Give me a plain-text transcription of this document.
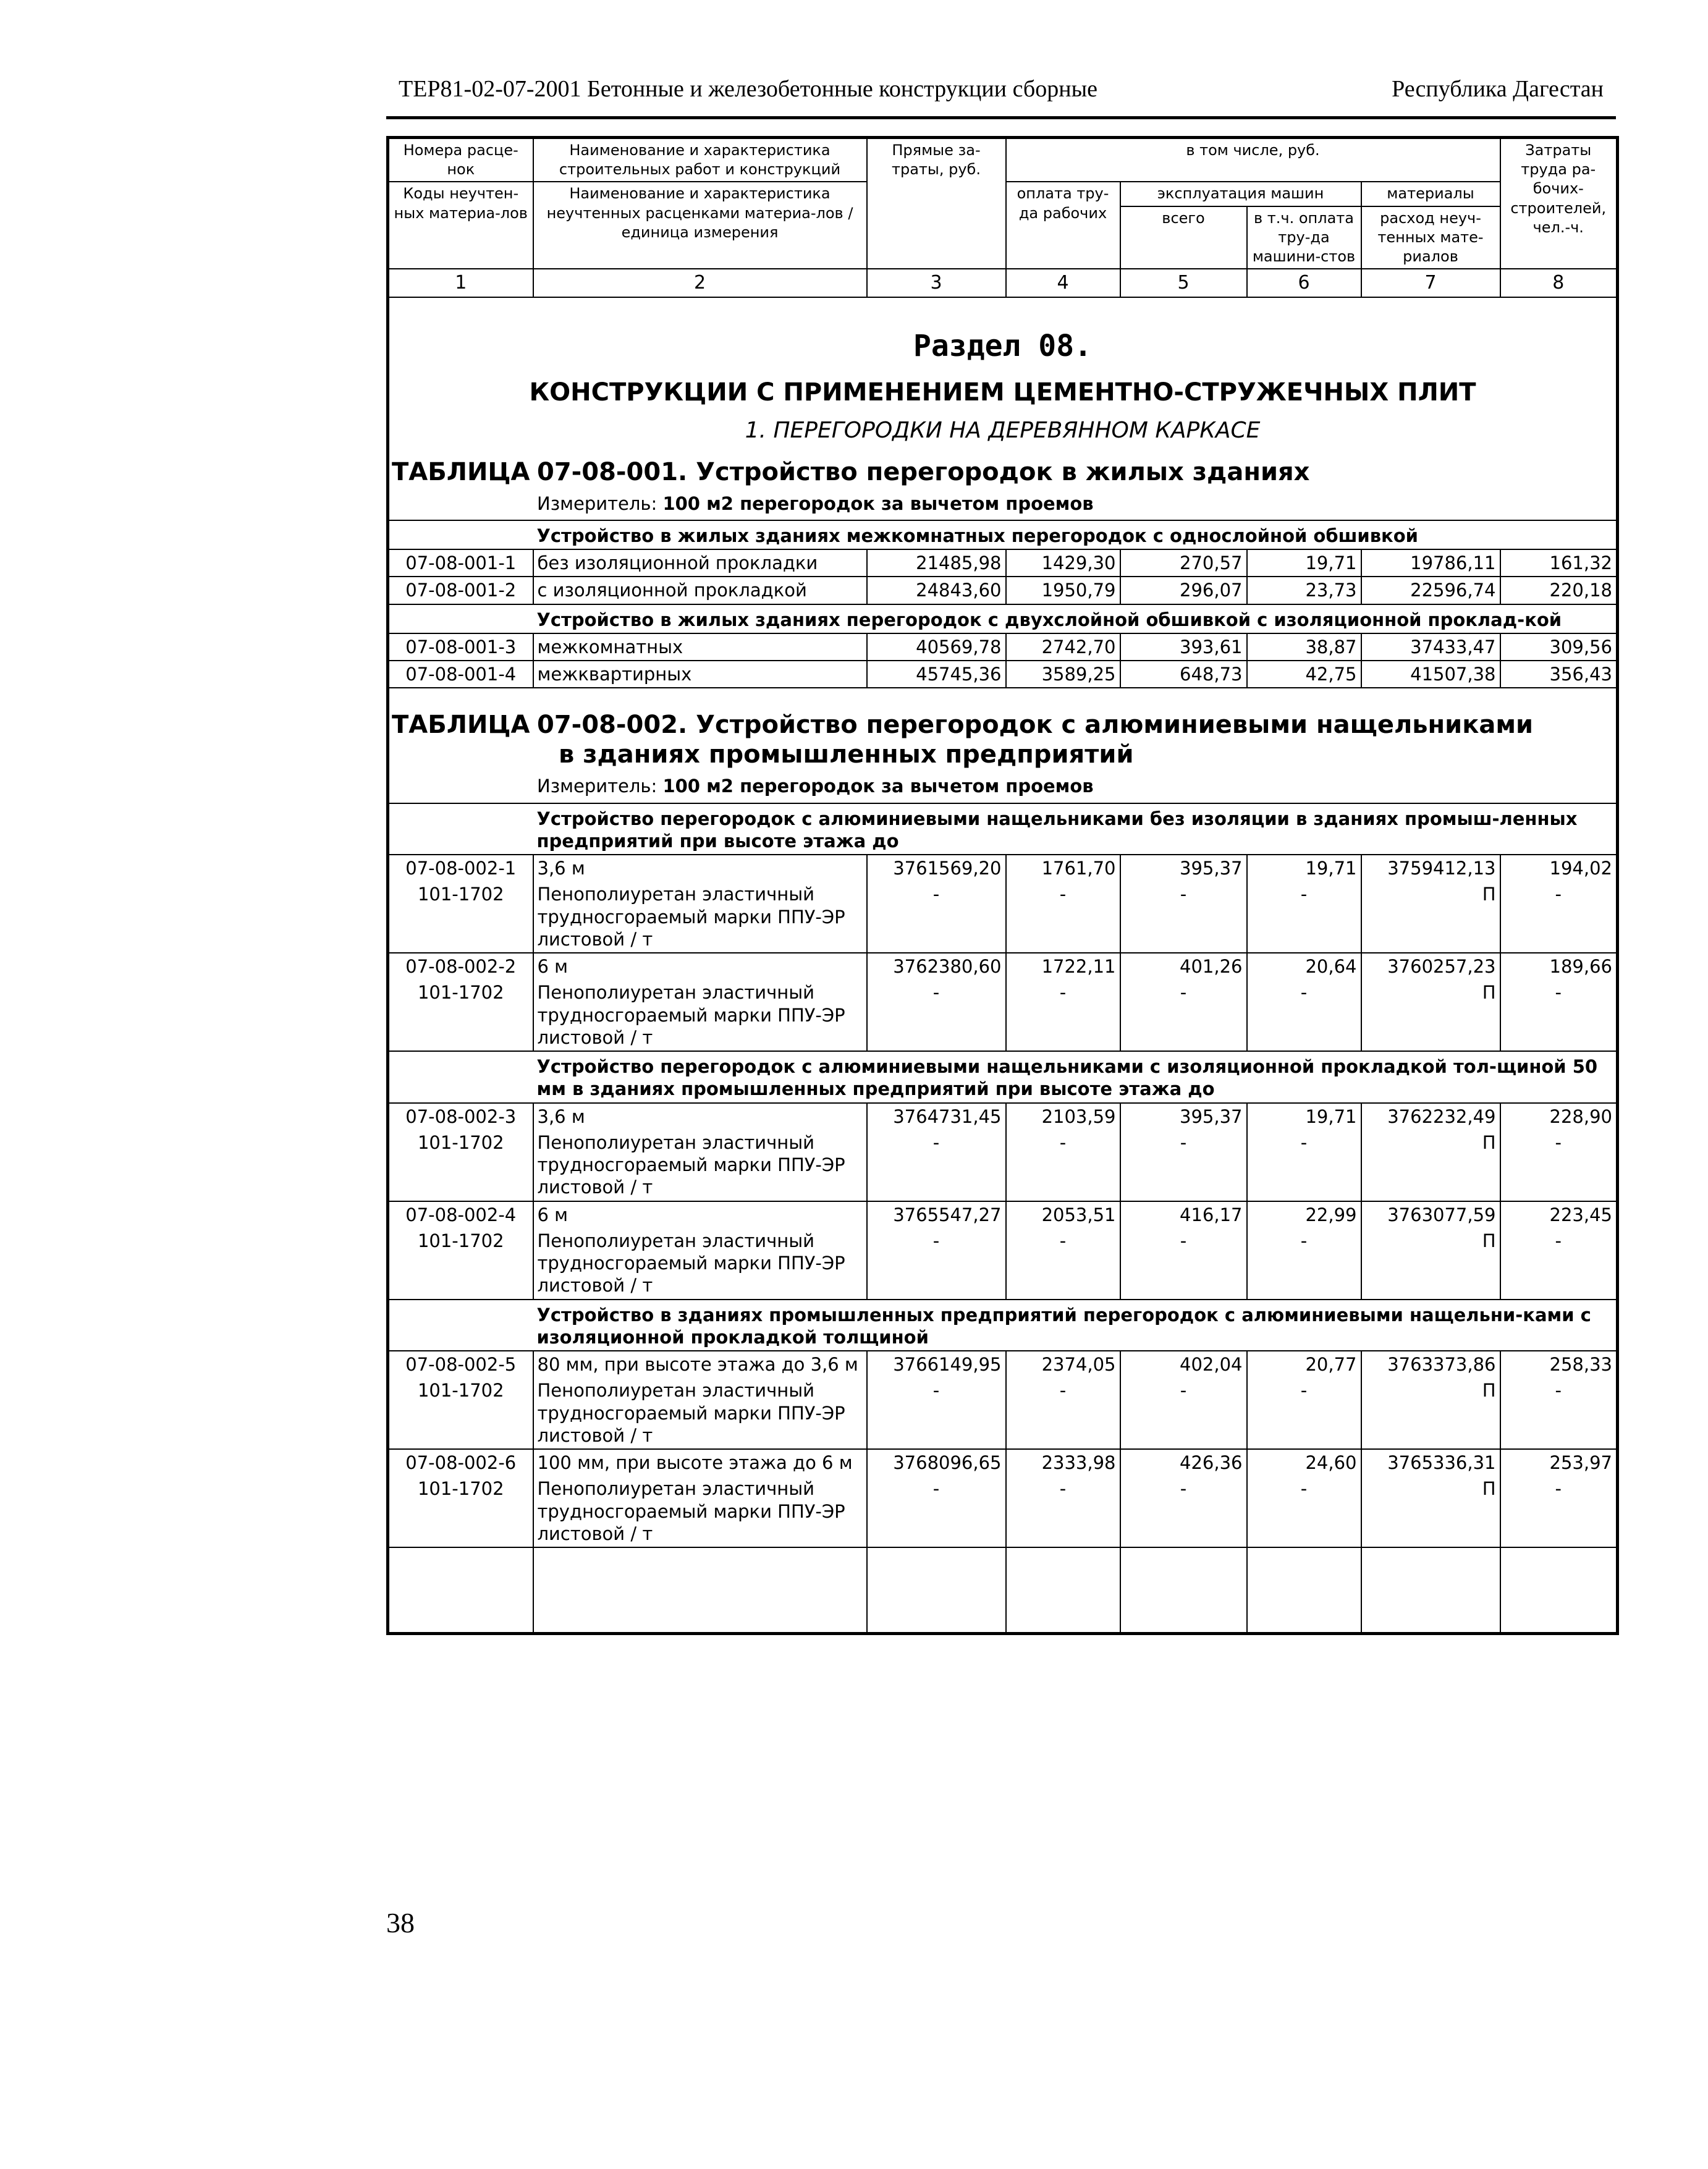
ТЕР81-02-07-2001 Бетонные и железобетонные конструкции сборные	Республика Дагестан
Номера расце-нок	Наименование и характеристика строительных работ и конструкций	Прямые за-траты, руб.	в том числе, руб.				Затраты труда ра-бочих-строителей, чел.-ч.
Коды неучтен-ных материа-лов	Наименование и характеристика неучтенных расценками материа-лов / единица измерения		оплата тру-да рабочих	эксплуатация машин		материалы	
				всего	в т.ч. оплата тру-да машини-стов	расход неуч-тенных мате-риалов	
1	2	3	4	5	6	7	8

Раздел 08.
КОНСТРУКЦИИ С ПРИМЕНЕНИЕМ ЦЕМЕНТНО-СТРУЖЕЧНЫХ ПЛИТ
1. ПЕРЕГОРОДКИ НА ДЕРЕВЯННОМ КАРКАСЕ							

ТАБЛИЦА 07-08-001. Устройство перегородок в жилых зданиях
Измеритель: 100 м2 перегородок за вычетом проемов							

	Устройство в жилых зданиях межкомнатных перегородок с однослойной обшивкой						
07-08-001-1	без изоляционной прокладки	21485,98	1429,30	270,57	19,71	19786,11	161,32
07-08-001-2	с изоляционной прокладкой	24843,60	1950,79	296,07	23,73	22596,74	220,18
	Устройство в жилых зданиях перегородок с двухслойной обшивкой с изоляционной проклад-кой						
07-08-001-3	межкомнатных	40569,78	2742,70	393,61	38,87	37433,47	309,56
07-08-001-4	межквартирных	45745,36	3589,25	648,73	42,75	41507,38	356,43

ТАБЛИЦА 07-08-002. Устройство перегородок с алюминиевыми нащельниками
в зданиях промышленных предприятий
Измеритель: 100 м2 перегородок за вычетом проемов							

	Устройство перегородок с алюминиевыми нащельниками без изоляции в зданиях промыш-ленных предприятий при высоте этажа до						
07-08-002-1	3,6 м	3761569,20	1761,70	395,37	19,71	3759412,13	194,02
101-1702	Пенополиуретан эластичный трудносгораемый марки ППУ-ЭР листовой / т	-	-	-	-	П	-
07-08-002-2	6 м	3762380,60	1722,11	401,26	20,64	3760257,23	189,66
101-1702	Пенополиуретан эластичный трудносгораемый марки ППУ-ЭР листовой / т	-	-	-	-	П	-
	Устройство перегородок с алюминиевыми нащельниками с изоляционной прокладкой тол-щиной 50 мм в зданиях промышленных предприятий при высоте этажа до						
07-08-002-3	3,6 м	3764731,45	2103,59	395,37	19,71	3762232,49	228,90
101-1702	Пенополиуретан эластичный трудносгораемый марки ППУ-ЭР листовой / т	-	-	-	-	П	-
07-08-002-4	6 м	3765547,27	2053,51	416,17	22,99	3763077,59	223,45
101-1702	Пенополиуретан эластичный трудносгораемый марки ППУ-ЭР листовой / т	-	-	-	-	П	-
	Устройство в зданиях промышленных предприятий перегородок с алюминиевыми нащельни-ками с изоляционной прокладкой толщиной						
07-08-002-5	80 мм, при высоте этажа до 3,6 м	3766149,95	2374,05	402,04	20,77	3763373,86	258,33
101-1702	Пенополиуретан эластичный трудносгораемый марки ППУ-ЭР листовой / т	-	-	-	-	П	-
07-08-002-6	100 мм, при высоте этажа до 6 м	3768096,65	2333,98	426,36	24,60	3765336,31	253,97
101-1702	Пенополиуретан эластичный трудносгораемый марки ППУ-ЭР листовой / т	-	-	-	-	П	-

38
